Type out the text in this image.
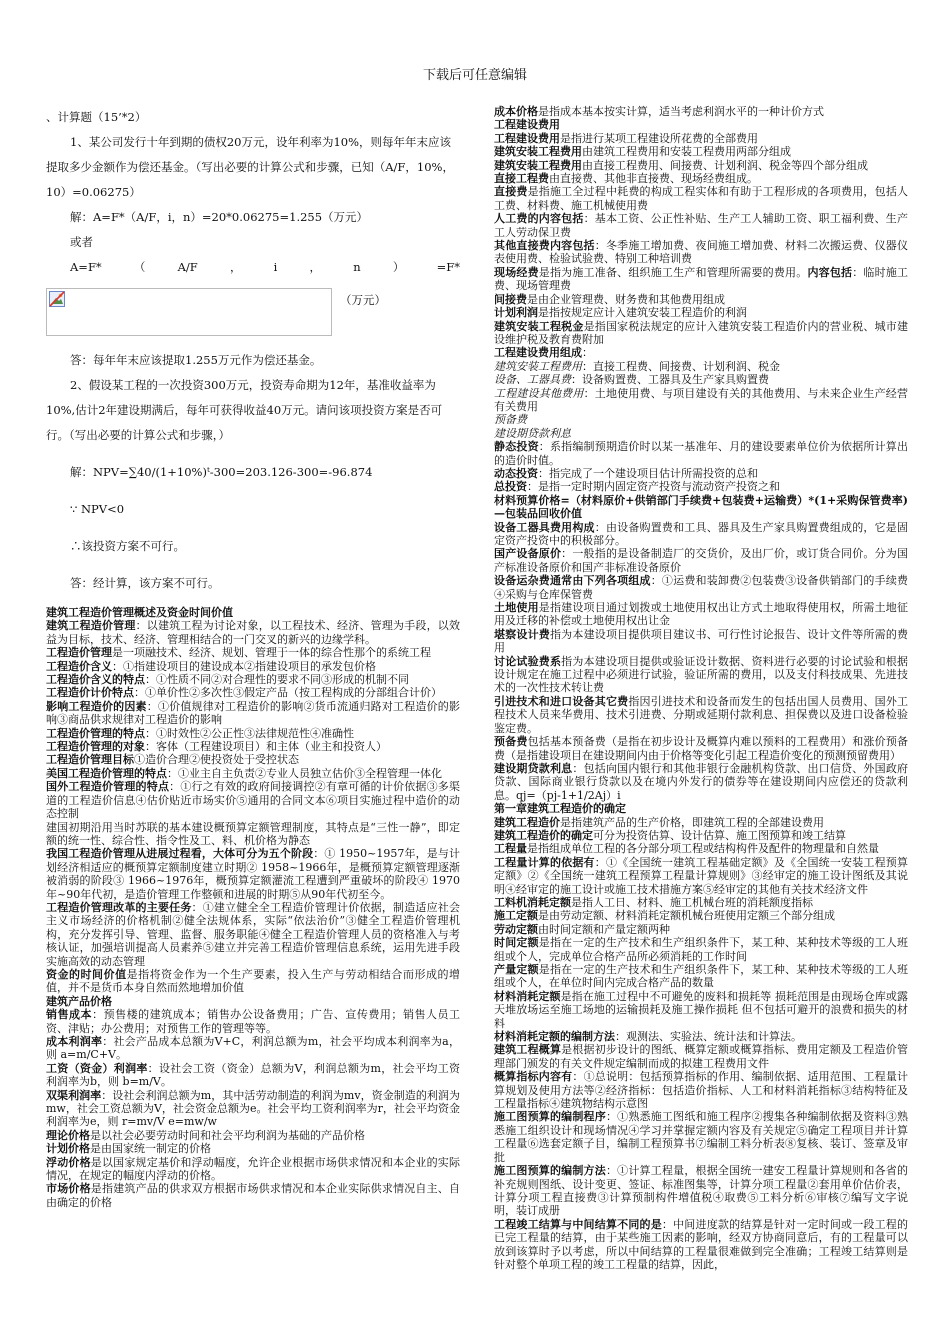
下载后可任意编辑

、计算题（15’*2）

1、某公司发行十年到期的债权20万元，设年利率为10%，则每年年末应该提取多少金额作为偿还基金。（写出必要的计算公式和步骤，已知（A/F，10%，10）=0.06275）

解：A=F*（A/F，i，n）=20*0.06275=1.255（万元）

或者

A=F*	（	A/F	，	i	，	n	）	=F*
（万元）

答：每年年末应该提取1.255万元作为偿还基金。

2、假设某工程的一次投资300万元，投资寿命期为12年，基准收益率为10%,估计2年建设期满后，每年可获得收益40万元。请问该项投资方案是否可行。（写出必要的计算公式和步骤，）

解：NPV=∑40/(1+10%)ᵗ-300=203.126-300=-96.874

∵ NPV<0

∴该投资方案不可行。

答：经计算，该方案不可行。

建筑工程造价管理概述及资金时间价值

建筑工程造价管理：以建筑工程为讨论对象，以工程技术、经济、管理为手段，以效益为目标，技术、经济、管理相结合的一门交叉的新兴的边缘学科。

工程造价管理是一项融技术、经济、规划、管理于一体的综合性那个的系统工程

工程造价含义：①指建设项目的建设成本②指建设项目的承发包价格

工程造价含义的特点：①性质不同②对合理性的要求不同③形成的机制不同

工程造价计价特点：①单价性②多次性③假定产品（按工程构成的分部组合计价）

影响工程造价的因素：①价值规律对工程造价的影响②货币流通归路对工程造价的影响③商品供求规律对工程造价的影响

工程造价管理的特点：①时效性②公正性③法律规范性④准确性

工程造价管理的对象：客体（工程建设项目）和主体（业主和投资人）

工程造价管理目标①造价合理②使投资处于受控状态

美国工程造价管理的特点：①业主自主负责②专业人员独立估价③全程管理一体化

国外工程造价管理的特点：①行之有效的政府间接调控②有章可循的计价依据③多渠道的工程造价信息④估价贴近市场实价⑤通用的合同文本⑥项目实施过程中造价的动态控制

建国初期沿用当时苏联的基本建设概预算定额管理制度，其特点是“三性一静”，即定额的统一性、综合性、指令性及工、料、机价格为静态

我国工程造价管理从进展过程看，大体可分为五个阶段：① 1950~1957年，是与计划经济相适应的概预算定额制度建立时期② 1958~1966年，是概预算定额管理逐渐被消弱的阶段③ 1966~1976年，概预算定额灌流工程遭到严重破坏的阶段④ 1970年~90年代初，是造价管理工作整顿和进展的时期⑤从90年代初至今。

工程造价管理改革的主要任务：①建立健全全工程造价管理计价依据，制造适应社会主义市场经济的价格机制②健全法规体系，实际“依法治价”③健全工程造价管理机构，充分发挥引导、管理、监督、服务职能④健全工程造价管理人员的资格准入与考核认证，加强培训提高人员素养⑤建立并完善工程造价管理信息系统，运用先进手段实施高效的动态管理

资金的时间价值是指将资金作为一个生产要素，投入生产与劳动相结合而形成的增值，并不是货币本身自然而然地增加价值

建筑产品价格

销售成本：预售楼的建筑成本；销售办公设备费用；广告、宣传费用；销售人员工资、津贴；办公费用；对预售工作的管理等等。

成本利润率：社会产品成本总额为V+C，利润总额为m，社会平均成本利润率为a，则 a=m/C+V。

工资（资金）利润率：设社会工资（资金）总额为V，利润总额为m，社会平均工资利润率为b，则 b=m/V。

双渠利润率：设社会利润总额为m，其中活劳动制造的利润为mv，资金制造的利润为mw，社会工资总额为V，社会资金总额为e。社会平均工资利润率为r，社会平均资金利润率为e，则 r=mv/V e=mw/w

理论价格是以社会必要劳动时间和社会平均利润为基础的产品价格

计划价格是由国家统一制定的价格

浮动价格是以国家规定基价和浮动幅度，允许企业根据市场供求情况和本企业的实际情况，在规定的幅度内浮动的价格。

市场价格是指建筑产品的供求双方根据市场供求情况和本企业实际供求情况自主、自由确定的价格

成本价格是指成本基本按实计算，适当考虑利润水平的一种计价方式

工程建设费用

工程建设费用是指进行某项工程建设所花费的全部费用

建筑安装工程费用由建筑工程费用和安装工程费用两部分组成

建筑安装工程费用由直接工程费用、间接费、计划利润、税金等四个部分组成

直接工程费由直接费、其他非直接费、现场经费组成。

直接费是指施工全过程中耗费的构成工程实体和有助于工程形成的各项费用，包括人工费、材料费、施工机械使用费

人工费的内容包括：基本工资、公正性补贴、生产工人辅助工资、职工福利费、生产工人劳动保卫费

其他直接费内容包括：冬季施工增加费、夜间施工增加费、材料二次搬运费、仪器仪表使用费、检验试验费、特别工种培训费

现场经费是指为施工准备、组织施工生产和管理所需要的费用。内容包括：临时施工费、现场管理费

间接费是由企业管理费、财务费和其他费用组成

计划利润是指按规定应计入建筑安装工程造价的利润

建筑安装工程税金是指国家税法规定的应计入建筑安装工程造价内的营业税、城市建设维护税及教育费附加

工程建设费用组成：

建筑安装工程费用：直接工程费、间接费、计划利润、税金

设备、工器具费：设备购置费、工器具及生产家具购置费

工程建设其他费用：土地使用费、与项目建设有关的其他费用、与未来企业生产经营有关费用

预备费

建设期贷款利息

静态投资：系指编制预期造价时以某一基准年、月的建设要素单位价为依据所计算出的造价时值。

动态投资：指完成了一个建设项目估计所需投资的总和

总投资：是指一定时期内固定资产投资与流动资产投资之和

材料预算价格=（材料原价+供销部门手续费+包装费+运输费）*(1+采购保管费率)—包装品回收价值

设备工器具费用构成：由设备购置费和工具、器具及生产家具购置费组成的，它是固定资产投资中的积极部分。

国产设备原价：一般指的是设备制造厂的交货价，及出厂价，或订货合同价。分为国产标准设备原价和国产非标准设备原价

设备运杂费通常由下列各项组成：①运费和装卸费②包装费③设备供销部门的手续费④采购与仓库保管费

土地使用是指建设项目通过划拨或土地使用权出让方式土地取得使用权，所需土地征用及迁移的补偿或土地使用权出让金

堪察设计费指为本建设项目提供项目建议书、可行性讨论报告、设计文件等所需的费用

讨论试验费系指为本建设项目提供或验证设计数据、资料进行必要的讨论试验和根据设计规定在施工过程中必须进行试验，验证所需的费用，以及支付科技成果、先进技术的一次性技术转让费

引进技术和进口设备其它费指因引进技术和设备而发生的包括出国人员费用、国外工程技术人员来华费用、技术引进费、分期或延期付款利息、担保费以及进口设备检验鉴定费。

预备费包括基本预备费（是指在初步设计及概算内难以预料的工程费用）和涨价预备费（是指建设项目在建设期间内由于价格等变化引起工程造价变化的预测预留费用）

建设期贷款利息：包括向国内银行和其他非银行金融机构贷款、出口信贷、外国政府贷款、国际商业银行贷款以及在境内外发行的债券等在建设期间内应偿还的贷款利息。qj=（pj-1+1/2Aj）i

第一章建筑工程造价的确定

建筑工程造价是指建筑产品的生产价格，即建筑工程的全部建设费用

建筑工程造价的确定可分为投资估算、设计估算、施工图预算和竣工结算

工程量是指组成单位工程的各分部分项工程或结构构件及配件的物理量和自然量

工程量计算的依据有：①《全国统一建筑工程基础定额》及《全国统一安装工程预算定额》②《全国统一建筑工程预算工程量计算规则》③经审定的施工设计图纸及其说明④经审定的施工设计或施工技术措施方案⑤经审定的其他有关技术经济文件

工料机消耗定额是指人工日、材料、施工机械台班的消耗额度指标

施工定额是由劳动定额、材料消耗定额机械台班使用定额三个部分组成

劳动定额由时间定额和产量定额两种

时间定额是指在一定的生产技术和生产组织条件下，某工种、某种技术等级的工人班组或个人，完成单位合格产品所必须消耗的工作时间

产量定额是指在一定的生产技术和生产组织条件下，某工种、某种技术等级的工人班组或个人，在单位时间内完成合格产品的数量

材料消耗定额是指在施工过程中不可避免的废料和损耗等 损耗范围是由现场仓库或露天堆放场运至施工场地的运输损耗及施工操作损耗 但不包括可避开的浪费和损失的材料

材料消耗定额的编制方法：观测法、实验法、统计法和计算法。

建筑工程概算是根据初步设计的图纸、概算定额或概算指标、费用定额及工程造价管理部门颁发的有关文件规定编制而成的拟建工程费用文件

概算指标内容有：①总说明：包括预算指标的作用、编制依据、适用范围、工程量计算规划及使用方法等②经济指标：包括造价指标、人工和材料消耗指标③结构特征及工程量指标④建筑物结构示意图

施工图预算的编制程序：①熟悉施工图纸和施工程序②搜集各种编制依据及资料③熟悉施工组织设计和现场情况④学习并掌握定额内容及有关规定⑤确定工程项目并计算工程量⑥选套定额子目，编制工程预算书⑦编制工料分析表⑧复核、装订、签章及审批

施工图预算的编制方法：①计算工程量，根据全国统一建安工程量计算规则和各省的补充规则图纸、设计变更、签证、标准图集等，计算分项工程量②套用单价估价表，计算分项工程直接费③计算预制构件增值税④取费⑤工料分析⑥审核⑦编写文字说明，装订成册

工程竣工结算与中间结算不同的是：中间进度款的结算是针对一定时间或一段工程的已完工程量的结算，由于某些施工因素的影响，经双方协商同意后，有的工程量可以放到该算时予以考虑，所以中间结算的工程量很难做到完全准确；工程竣工结算则是针对整个单项工程的竣工工程量的结算，因此，
